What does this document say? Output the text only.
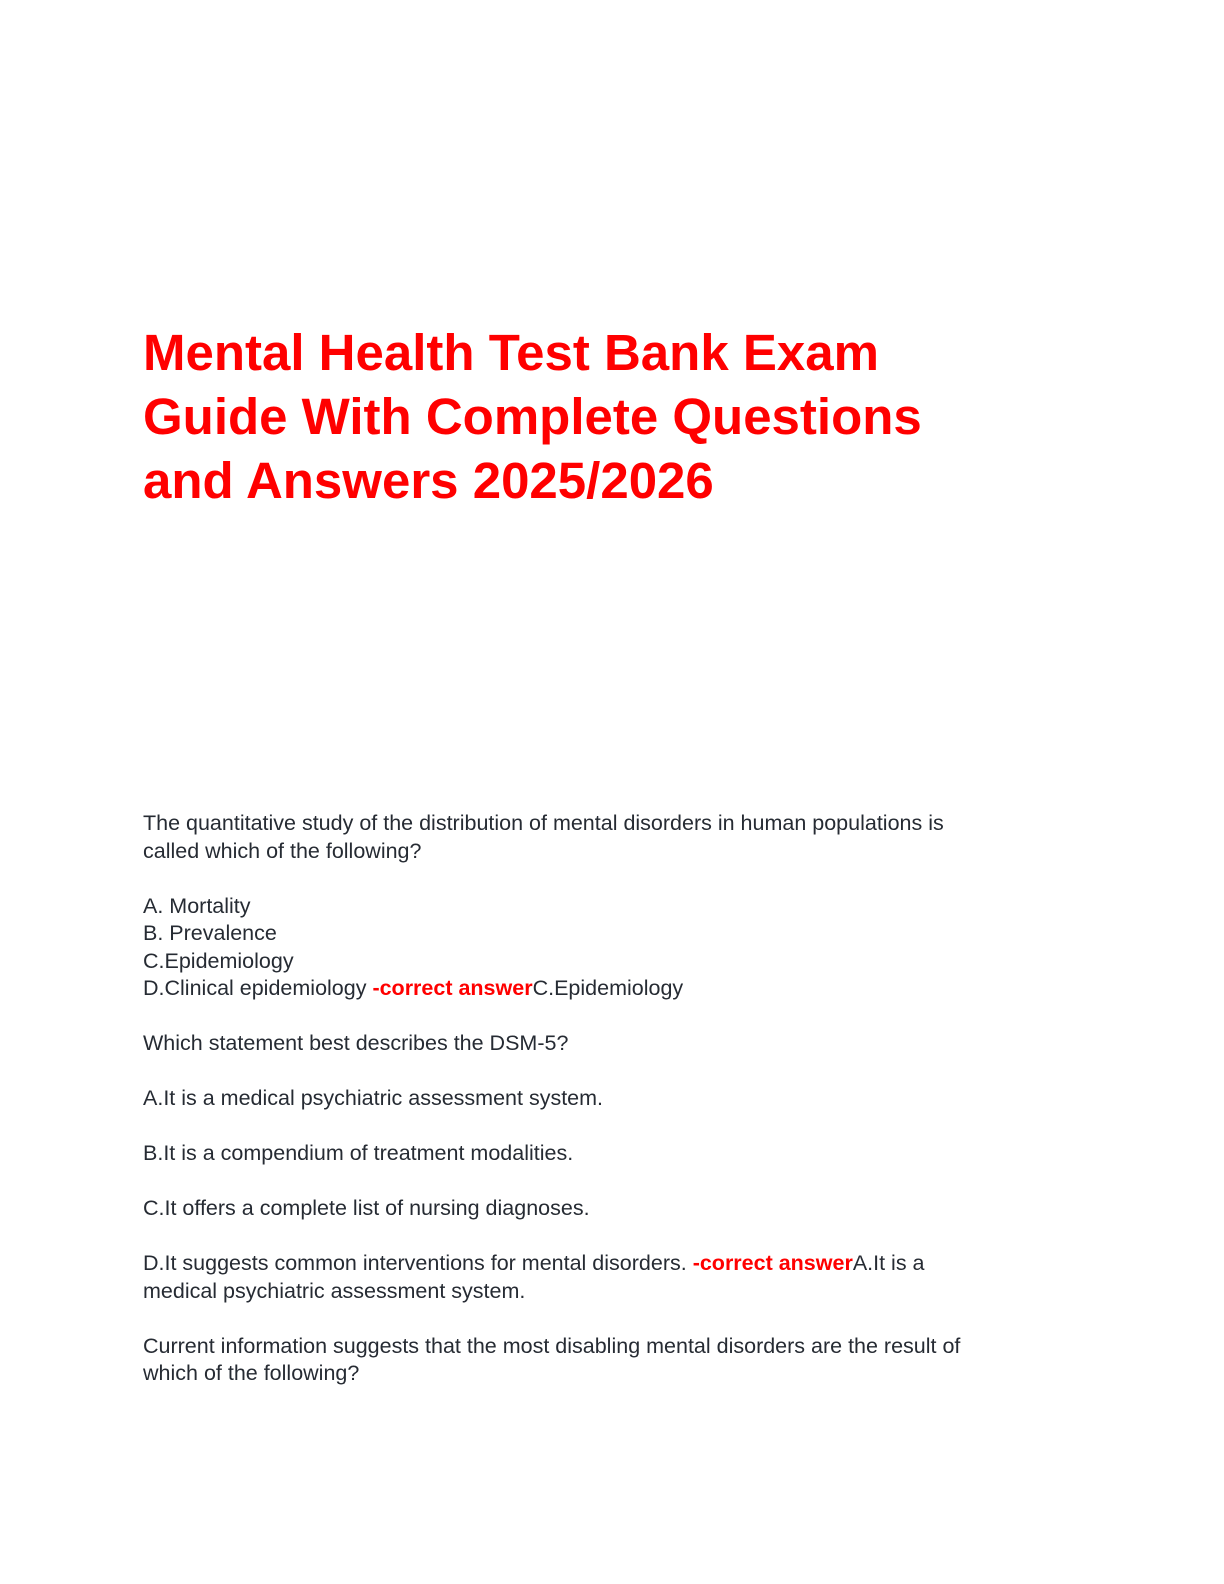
Mental Health Test Bank Exam
Guide With Complete Questions
and Answers 2025/2026
The quantitative study of the distribution of mental disorders in human populations is
called which of the following?
A. Mortality
B. Prevalence
C.Epidemiology
D.Clinical epidemiology -correct answerC.Epidemiology
Which statement best describes the DSM-5?
A.It is a medical psychiatric assessment system.
B.It is a compendium of treatment modalities.
C.It offers a complete list of nursing diagnoses.
D.It suggests common interventions for mental disorders. -correct answerA.It is a
medical psychiatric assessment system.
Current information suggests that the most disabling mental disorders are the result of
which of the following?
